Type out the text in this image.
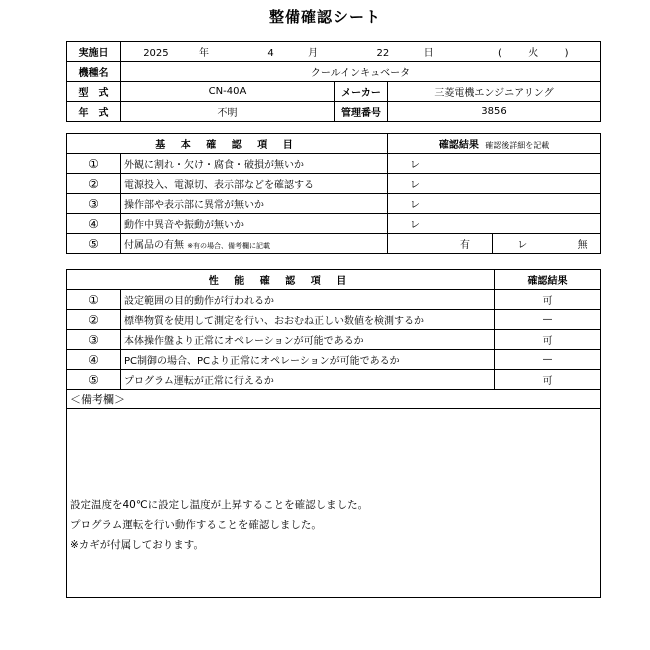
整備確認シート
実施日	2025 年 4 月 22 日 ( 火 )		
機種名	クールインキュベータ		
型　式	CN-40A	メーカー	三菱電機エンジニアリング
年　式	不明	管理番号	3856
基 本 確 認 項 目		確認結果 確認後詳細を記載	
①	外観に割れ・欠け・腐食・破損が無いか	レ	
②	電源投入、電源切、表示部などを確認する	レ	
③	操作部や表示部に異常が無いか	レ	
④	動作中異音や振動が無いか	レ	
⑤	付属品の有無 ※有の場合、備考欄に記載	有	レ 無
性 能 確 認 項 目		確認結果
①	設定範囲の目的動作が行われるか	可
②	標準物質を使用して測定を行い、おおむね正しい数値を検測するか	—
③	本体操作盤より正常にオペレーションが可能であるか	可
④	PC制御の場合、PCより正常にオペレーションが可能であるか	—
⑤	プログラム運転が正常に行えるか	可
＜備考欄＞		

設定温度を40℃に設定し温度が上昇することを確認しました。
プログラム運転を行い動作することを確認しました。
※カギが付属しております。		
